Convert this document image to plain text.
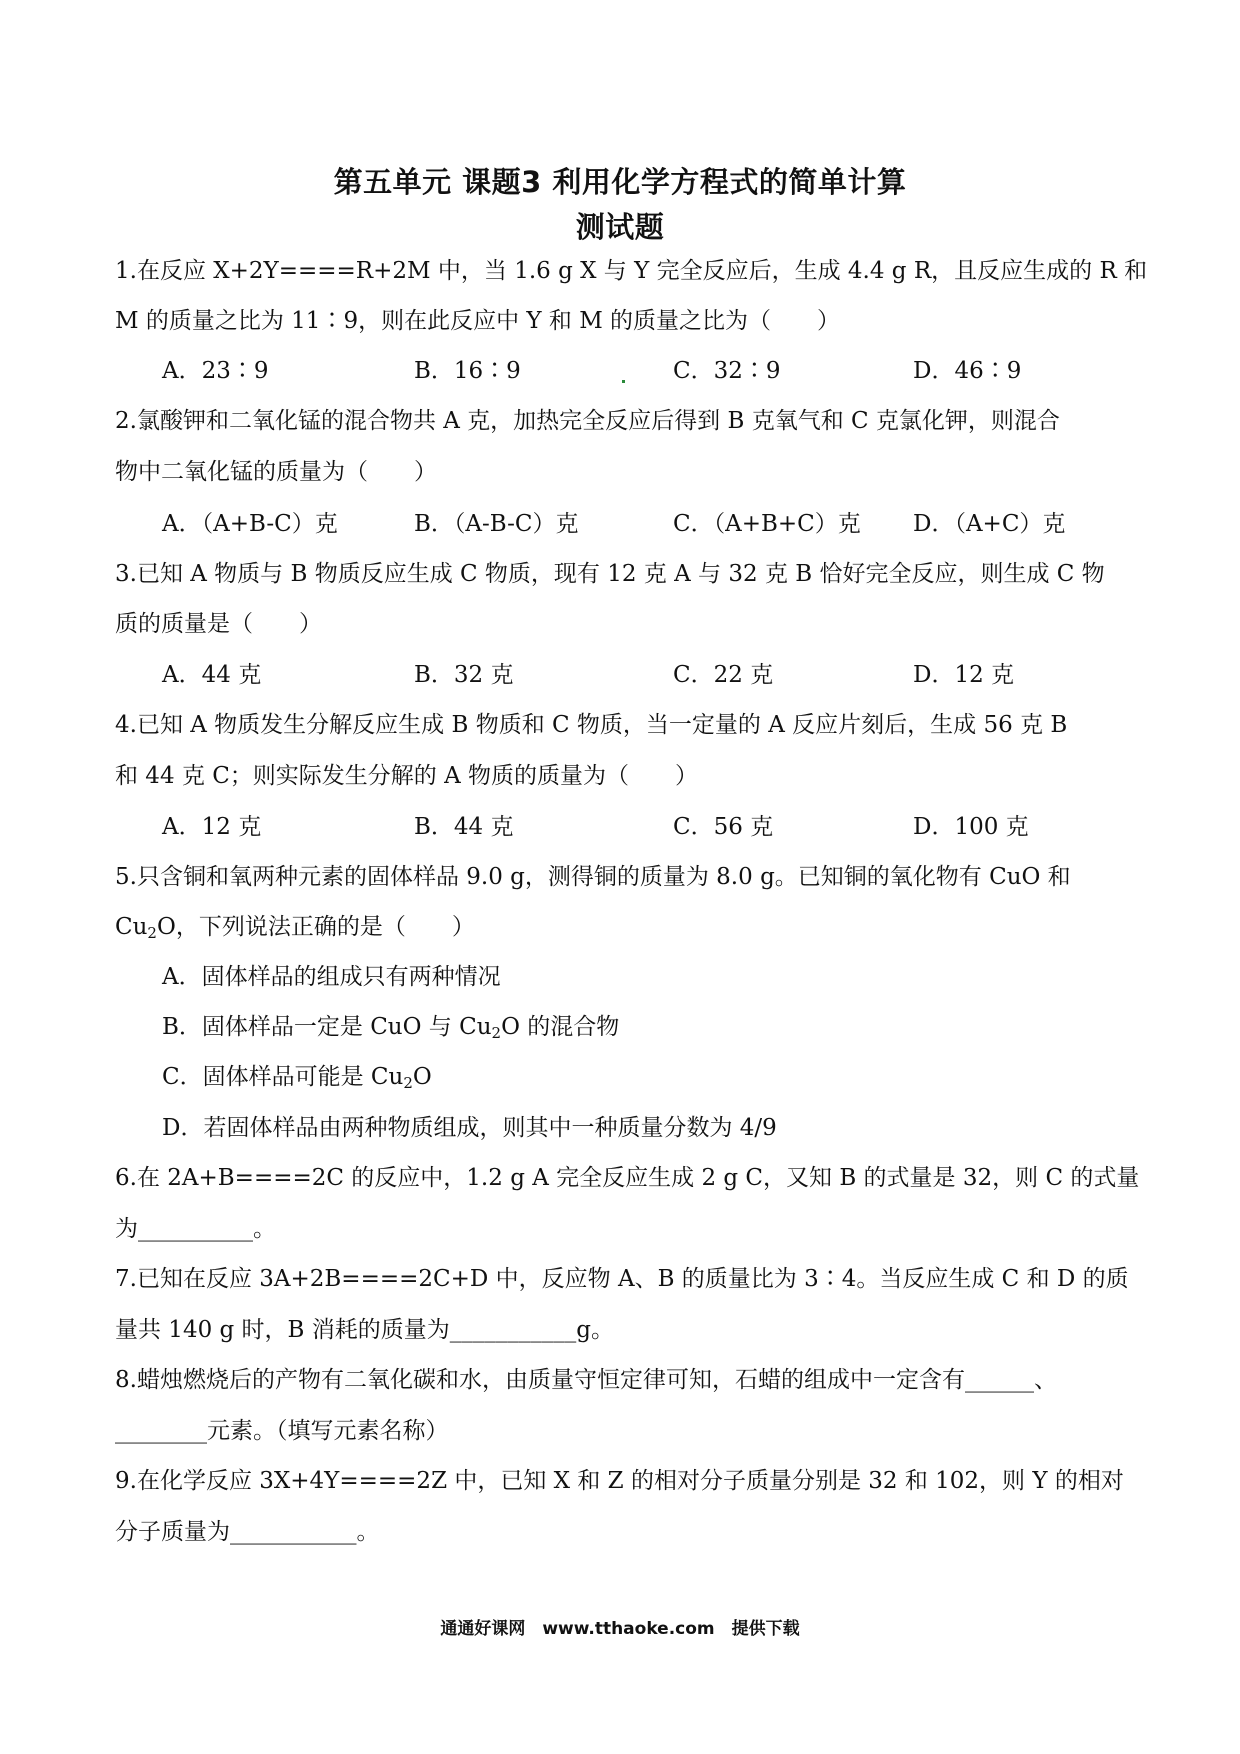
第五单元 课题3 利用化学方程式的简单计算
测试题
1.在反应 X+2Y====R+2M 中，当 1.6 g X 与 Y 完全反应后，生成 4.4 g R，且反应生成的 R 和
M 的质量之比为 11∶9，则在此反应中 Y 和 M 的质量之比为（　　）
A．23∶9	B．16∶9	C．32∶9	D．46∶9
2.氯酸钾和二氧化锰的混合物共 A 克，加热完全反应后得到 B 克氧气和 C 克氯化钾，则混合
物中二氧化锰的质量为（　　）
A．（A+B-C）克	B．（A-B-C）克	C．（A+B+C）克 D．（A+C）克
3.已知 A 物质与 B 物质反应生成 C 物质，现有 12 克 A 与 32 克 B 恰好完全反应，则生成 C 物
质的质量是（　　）
A．44 克	B．32 克	C．22 克	D．12 克
4.已知 A 物质发生分解反应生成 B 物质和 C 物质，当一定量的 A 反应片刻后，生成 56 克 B
和 44 克 C；则实际发生分解的 A 物质的质量为（　　）
A．12 克	B．44 克	C．56 克	D．100 克
5.只含铜和氧两种元素的固体样品 9.0 g，测得铜的质量为 8.0 g。已知铜的氧化物有 CuO 和
$Cu_2O$，下列说法正确的是（　　）
A．固体样品的组成只有两种情况
B．固体样品一定是 CuO 与 $Cu_2O$ 的混合物
C．固体样品可能是 $Cu_2O$
D．若固体样品由两种物质组成，则其中一种质量分数为 4/9
6.在 2A+B====2C 的反应中，1.2 g A 完全反应生成 2 g C，又知 B 的式量是 32，则 C 的式量
为__________。
7.已知在反应 3A+2B====2C+D 中，反应物 A、B 的质量比为 3∶4。当反应生成 C 和 D 的质
量共 140 g 时，B 消耗的质量为___________g。
8.蜡烛燃烧后的产物有二氧化碳和水，由质量守恒定律可知，石蜡的组成中一定含有______、
________元素。（填写元素名称）
9.在化学反应 3X+4Y====2Z 中，已知 X 和 Z 的相对分子质量分别是 32 和 102，则 Y 的相对
分子质量为___________。
通通好课网　www.tthaoke.com　提供下载
